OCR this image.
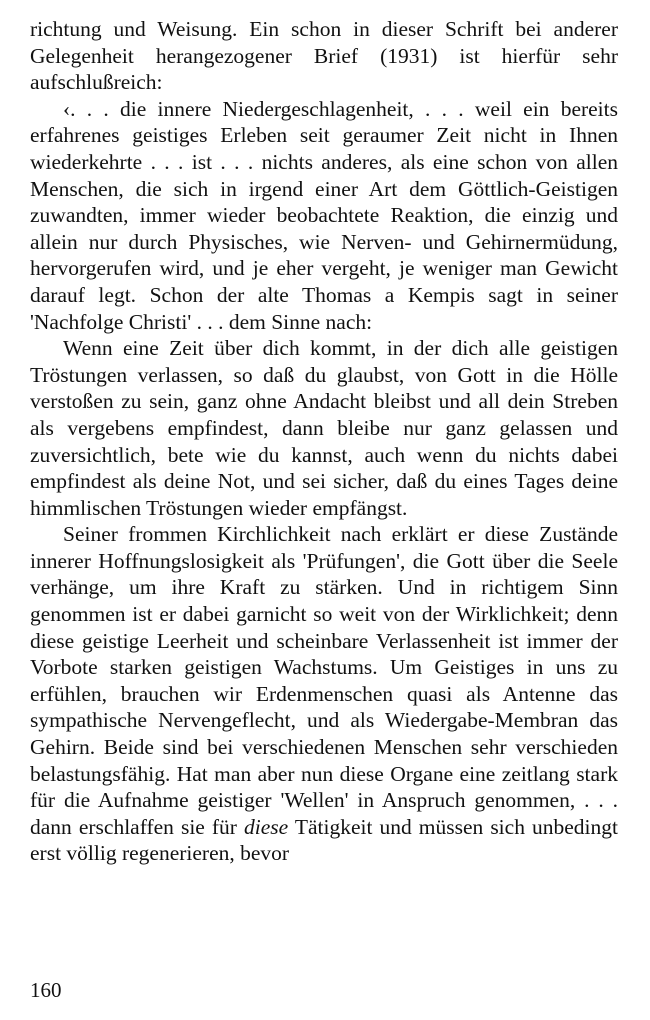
richtung und Weisung. Ein schon in dieser Schrift bei anderer Gelegenheit herangezogener Brief (1931) ist hierfür sehr aufschlußreich:

‹. . . die innere Niedergeschlagenheit, . . . weil ein bereits erfahrenes geistiges Erleben seit geraumer Zeit nicht in Ihnen wiederkehrte . . . ist . . . nichts anderes, als eine schon von allen Menschen, die sich in irgend einer Art dem Göttlich-Geistigen zuwandten, immer wieder beobachtete Reaktion, die einzig und allein nur durch Physisches, wie Nerven- und Gehirnermüdung, hervorgerufen wird, und je eher vergeht, je weniger man Gewicht darauf legt. Schon der alte Thomas a Kempis sagt in seiner 'Nachfolge Christi' . . . dem Sinne nach:

Wenn eine Zeit über dich kommt, in der dich alle geistigen Tröstungen verlassen, so daß du glaubst, von Gott in die Hölle verstoßen zu sein, ganz ohne Andacht bleibst und all dein Streben als vergebens empfindest, dann bleibe nur ganz gelassen und zuversichtlich, bete wie du kannst, auch wenn du nichts dabei empfindest als deine Not, und sei sicher, daß du eines Tages deine himmlischen Tröstungen wieder empfängst.

Seiner frommen Kirchlichkeit nach erklärt er diese Zustände innerer Hoffnungslosigkeit als 'Prüfungen', die Gott über die Seele verhänge, um ihre Kraft zu stärken. Und in richtigem Sinn genommen ist er dabei garnicht so weit von der Wirklichkeit; denn diese geistige Leerheit und scheinbare Verlassenheit ist immer der Vorbote starken geistigen Wachstums. Um Geistiges in uns zu erfühlen, brauchen wir Erdenmenschen quasi als Antenne das sympathische Nervengeflecht, und als Wiedergabe-Membran das Gehirn. Beide sind bei verschiedenen Menschen sehr verschieden belastungsfähig. Hat man aber nun diese Organe eine zeitlang stark für die Aufnahme geistiger 'Wellen' in Anspruch genommen, . . . dann erschlaffen sie für diese Tätigkeit und müssen sich unbedingt erst völlig regenerieren, bevor

160
